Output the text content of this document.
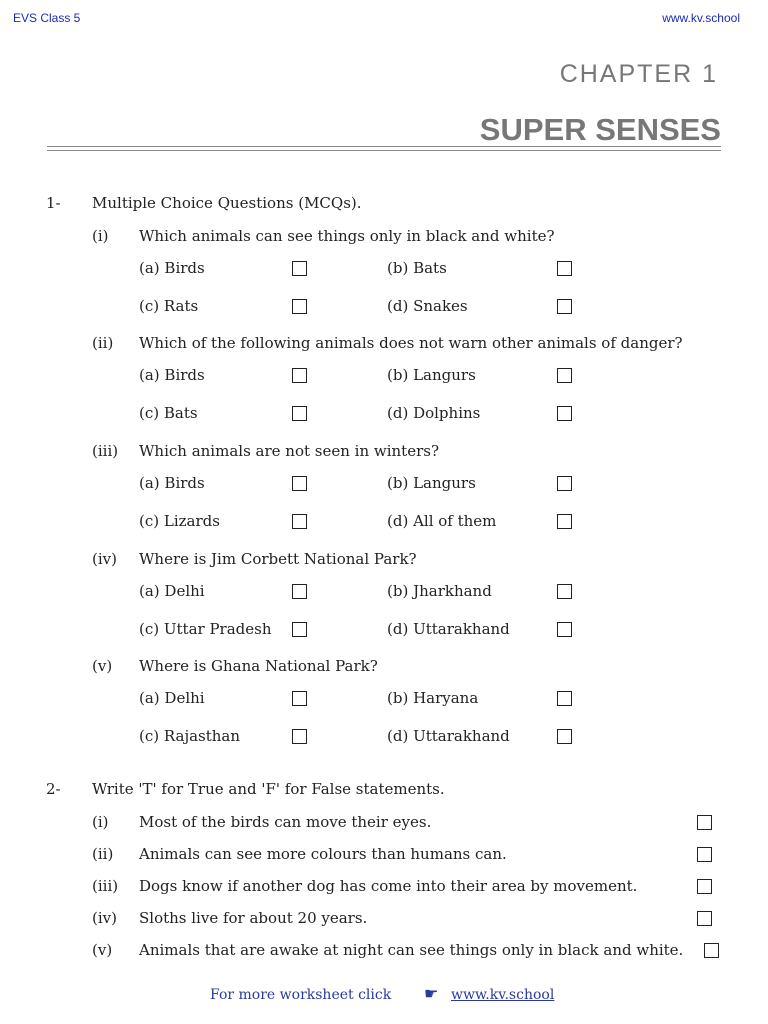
EVS Class 5	www.kv.school
CHAPTER 1
SUPER SENSES
1- Multiple Choice Questions (MCQs).
(i) Which animals can see things only in black and white?
(a) Birds	(b) Bats
(c) Rats	(d) Snakes
(ii) Which of the following animals does not warn other animals of danger?
(a) Birds	(b) Langurs
(c) Bats	(d) Dolphins
(iii) Which animals are not seen in winters?
(a) Birds	(b) Langurs
(c) Lizards	(d) All of them
(iv) Where is Jim Corbett National Park?
(a) Delhi	(b) Jharkhand
(c) Uttar Pradesh	(d) Uttarakhand
(v) Where is Ghana National Park?
(a) Delhi	(b) Haryana
(c) Rajasthan	(d) Uttarakhand
2- Write 'T' for True and 'F' for False statements.
(i) Most of the birds can move their eyes.
(ii) Animals can see more colours than humans can.
(iii) Dogs know if another dog has come into their area by movement.
(iv) Sloths live for about 20 years.
(v) Animals that are awake at night can see things only in black and white.
For more worksheet click ☛ www.kv.school
